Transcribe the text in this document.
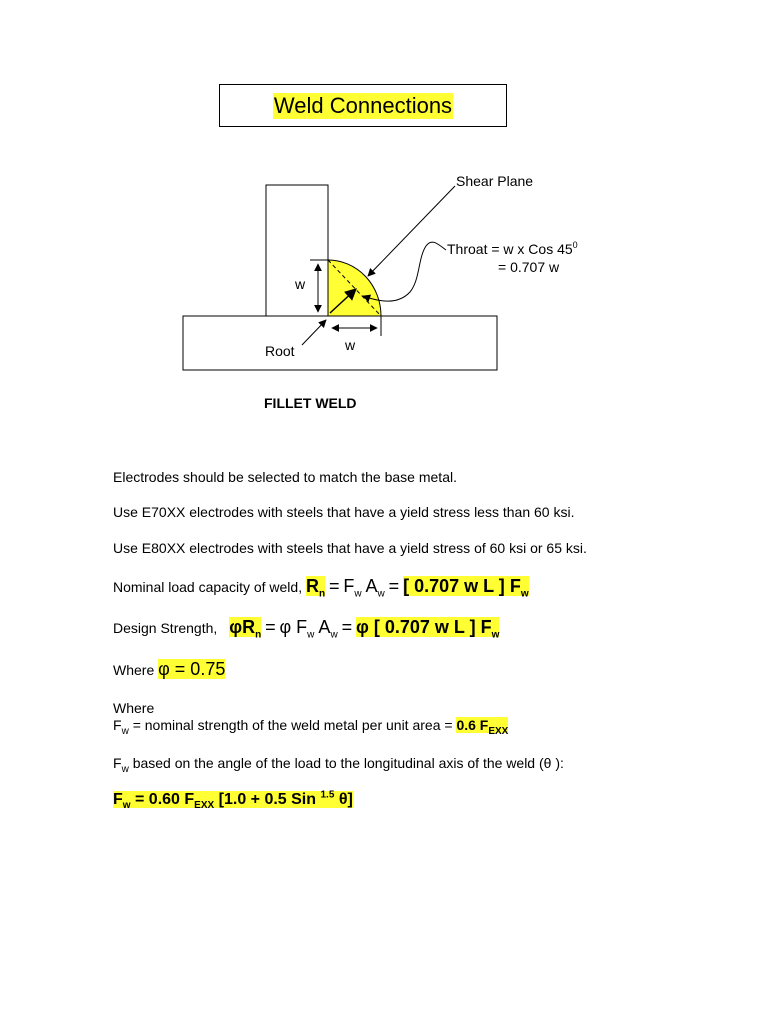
Weld Connections
Shear Plane
Throat = w x Cos $45^0$
= 0.707 w
w
w
Root
FILLET WELD
Electrodes should be selected to match the base metal.
Use E70XX electrodes with steels that have a yield stress less than 60 ksi.
Use E80XX electrodes with steels that have a yield stress of 60 ksi or 65 ksi.
Nominal load capacity of weld, $R_n = F_w$ $A_w$ = [ 0.707 w L ] $F_w$
Design Strength, $\varphi R_n = \varphi$ $F_w$ $A_w = \varphi$ [ 0.707 w L ] $F_w$
Where φ = 0.75
Where
$F_w$ = nominal strength of the weld metal per unit area = 0.6 $F_{EXX}$
$F_w$ based on the angle of the load to the longitudinal axis of the weld (θ ):
$F_w = 0.60$ $F_{EXX}$ [1.0 + 0.5 Sin $^{1.5}$ θ]
